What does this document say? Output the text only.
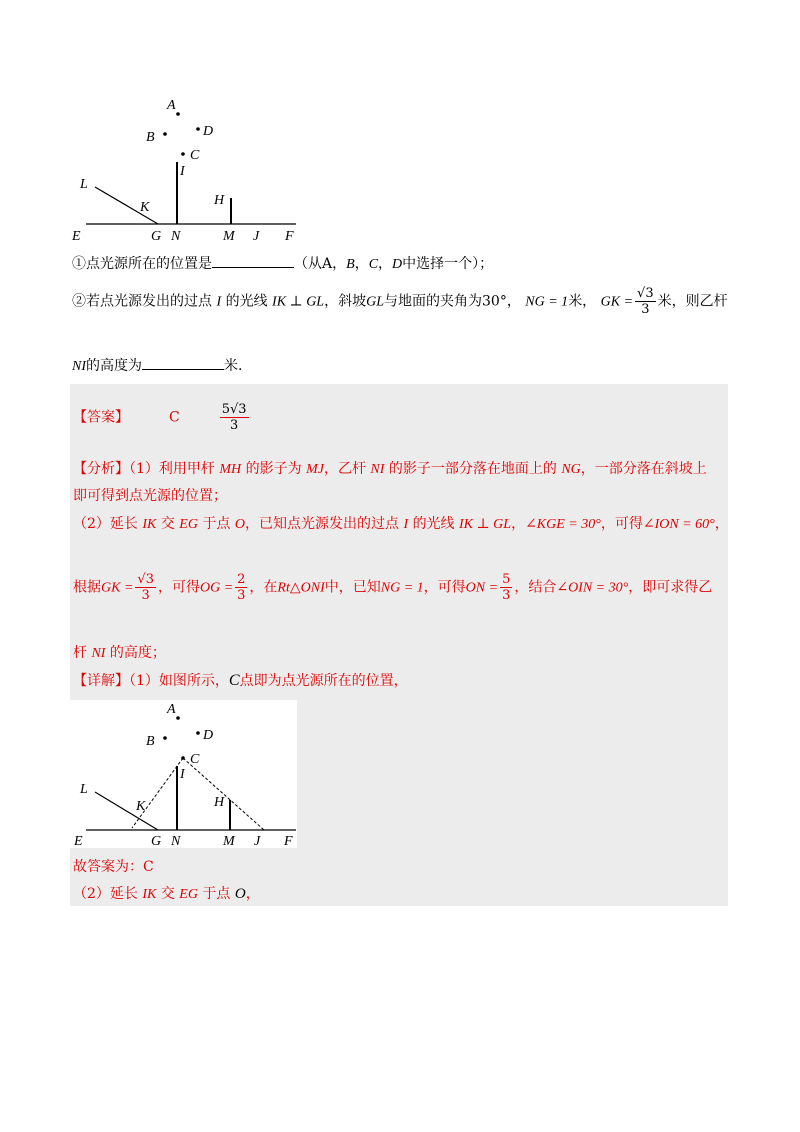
A
B	D
C
I
L
K	H
E	G N	M J F
①点光源所在的位置是	（从A，B，C，D中选择一个）；
②若点光源发出的过点 I 的光线 IK ⊥ GL，斜坡GL与地面的夹角为30°， NG = 1米， GK = $\frac{√3}{3}$ 米，则乙杆
NI的高度为	米.
【答案】	C	$\frac{5√3}{3}$
【分析】（1）利用甲杆 MH 的影子为 MJ，乙杆 NI 的影子一部分落在地面上的 NG，一部分落在斜坡上
即可得到点光源的位置；
（2）延长 IK 交 EG 于点 O，已知点光源发出的过点 I 的光线 IK ⊥ GL，∠KGE = 30°，可得∠ION = 60°，
根据GK = $\frac{√3}{3}$ ，可得OG = $\frac{2}{3}$ ，在Rt△ONI中，已知NG = 1，可得ON = $\frac{5}{3}$ ，结合∠OIN = 30°，即可求得乙
杆 NI 的高度；
【详解】（1）如图所示，C点即为点光源所在的位置，
A
B	D
C
I
L
K	H
E	G N	M J F
故答案为：C
（2）延长 IK 交 EG 于点 O，
